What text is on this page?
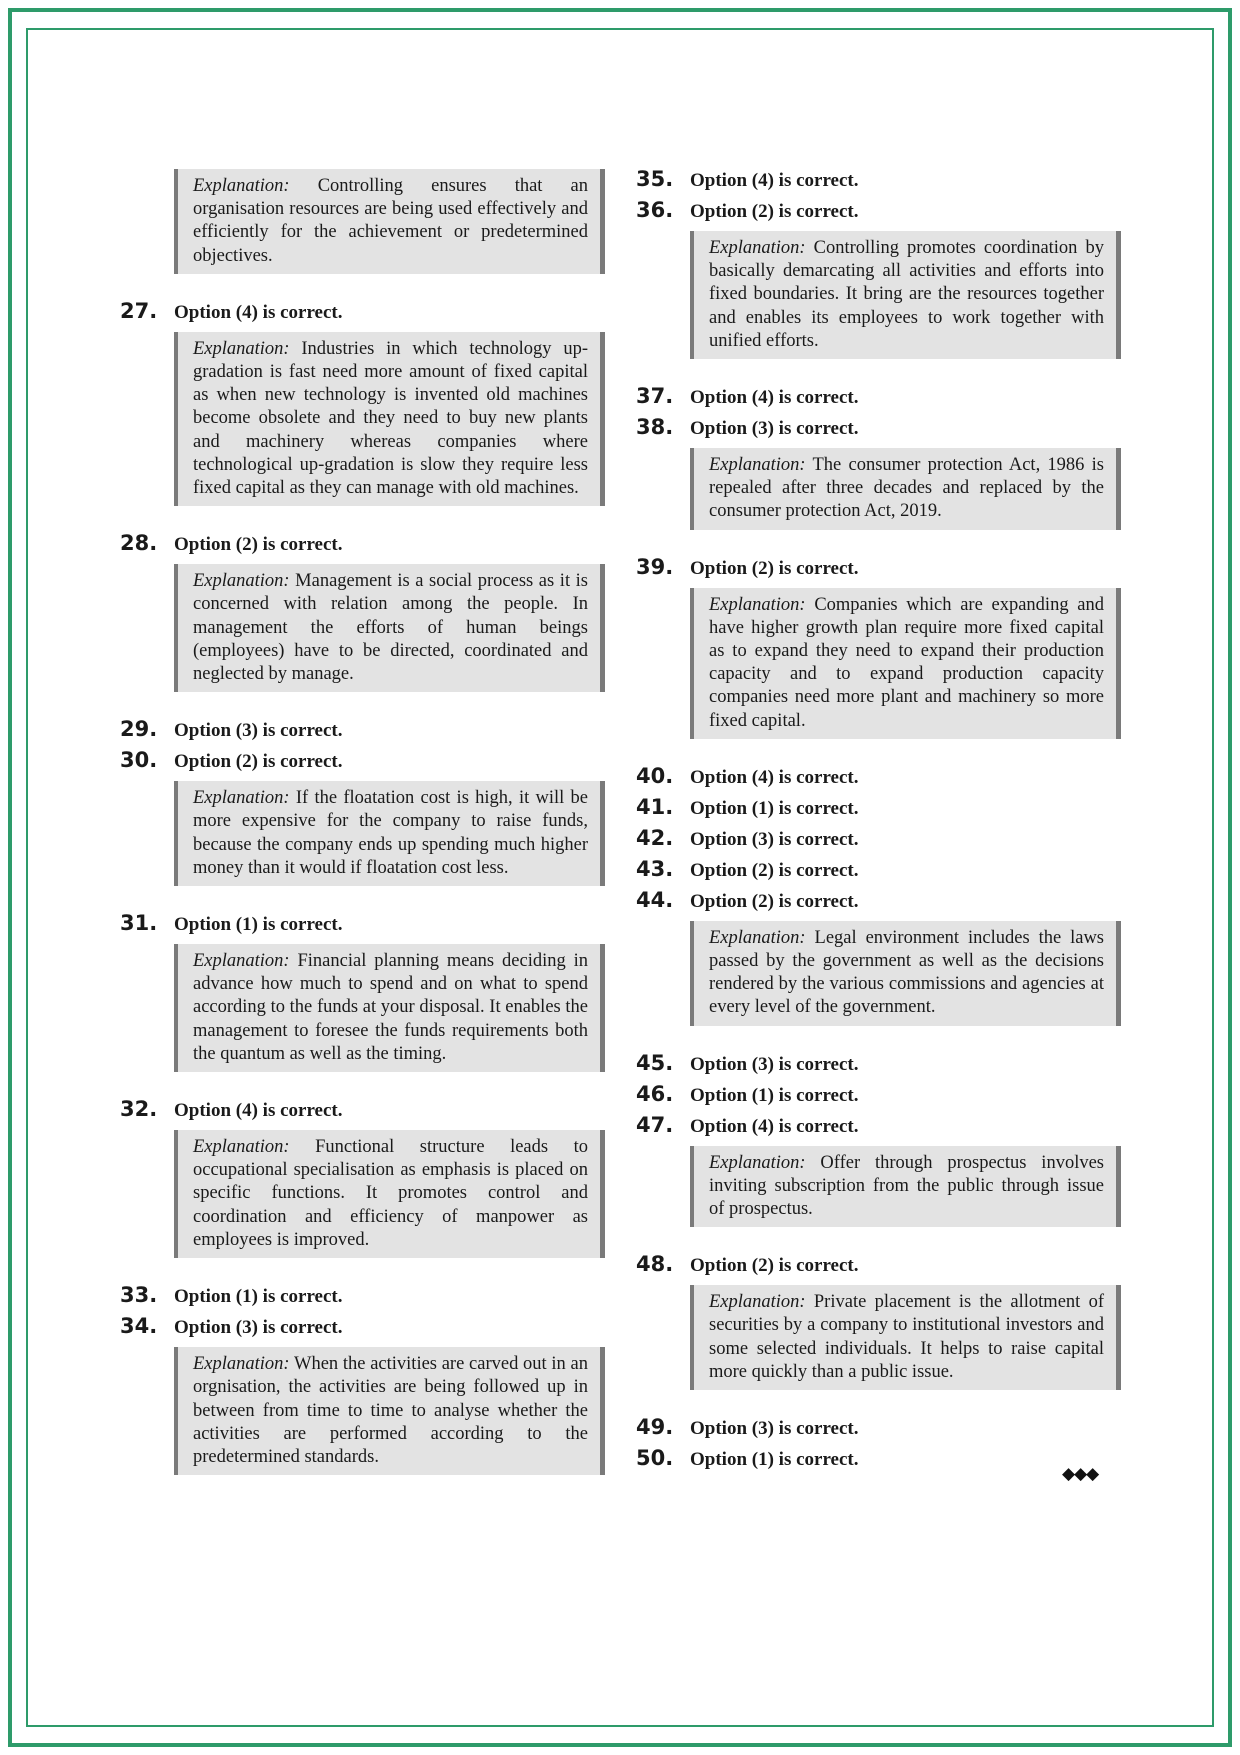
Explanation: Controlling ensures that an organisation resources are being used effectively and efficiently for the achievement or predetermined objectives.
27. Option (4) is correct.
Explanation: Industries in which technology up-gradation is fast need more amount of fixed capital as when new technology is invented old machines become obsolete and they need to buy new plants and machinery whereas companies where technological up-gradation is slow they require less fixed capital as they can manage with old machines.
28. Option (2) is correct.
Explanation: Management is a social process as it is concerned with relation among the people. In management the efforts of human beings (employees) have to be directed, coordinated and neglected by manage.
29. Option (3) is correct.
30. Option (2) is correct.
Explanation: If the floatation cost is high, it will be more expensive for the company to raise funds, because the company ends up spending much higher money than it would if floatation cost less.
31. Option (1) is correct.
Explanation: Financial planning means deciding in advance how much to spend and on what to spend according to the funds at your disposal. It enables the management to foresee the funds requirements both the quantum as well as the timing.
32. Option (4) is correct.
Explanation: Functional structure leads to occupational specialisation as emphasis is placed on specific functions. It promotes control and coordination and efficiency of manpower as employees is improved.
33. Option (1) is correct.
34. Option (3) is correct.
Explanation: When the activities are carved out in an orgnisation, the activities are being followed up in between from time to time to analyse whether the activities are performed according to the predetermined standards.
35. Option (4) is correct.
36. Option (2) is correct.
Explanation: Controlling promotes coordination by basically demarcating all activities and efforts into fixed boundaries. It bring are the resources together and enables its employees to work together with unified efforts.
37. Option (4) is correct.
38. Option (3) is correct.
Explanation: The consumer protection Act, 1986 is repealed after three decades and replaced by the consumer protection Act, 2019.
39. Option (2) is correct.
Explanation: Companies which are expanding and have higher growth plan require more fixed capital as to expand they need to expand their production capacity and to expand production capacity companies need more plant and machinery so more fixed capital.
40. Option (4) is correct.
41. Option (1) is correct.
42. Option (3) is correct.
43. Option (2) is correct.
44. Option (2) is correct.
Explanation: Legal environment includes the laws passed by the government as well as the decisions rendered by the various commissions and agencies at every level of the government.
45. Option (3) is correct.
46. Option (1) is correct.
47. Option (4) is correct.
Explanation: Offer through prospectus involves inviting subscription from the public through issue of prospectus.
48. Option (2) is correct.
Explanation: Private placement is the allotment of securities by a company to institutional investors and some selected individuals. It helps to raise capital more quickly than a public issue.
49. Option (3) is correct.
50. Option (1) is correct.
◆◆◆
